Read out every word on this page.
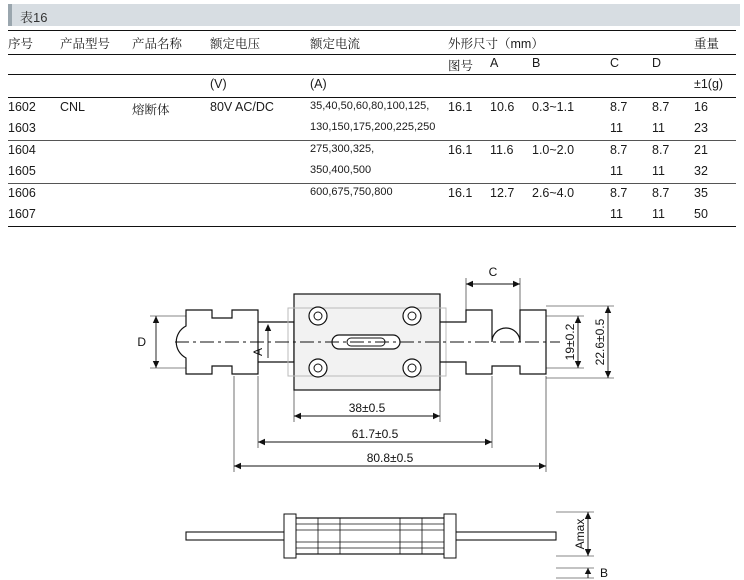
表16
序号	产品型号	产品名称	额定电压	额定电流	外形尺寸（mm）					重量
					图号	A	B	C	D	
			(V)	(A)						±1(g)
1602	CNL	熔断体	80V AC/DC	35,40,50,60,80,100,125,	16.1	10.6	0.3~1.1	8.7	8.7	16
1603				130,150,175,200,225,250				11	11	23
1604				275,300,325,	16.1	11.6	1.0~2.0	8.7	8.7	21
1605				350,400,500				11	11	32
1606				600,675,750,800	16.1	12.7	2.6~4.0	8.7	8.7	35
1607								11	11	50
D
A
C
19±0.2 22.6±0.5
38±0.5
61.7±0.5
80.8±0.5
Amax
B
